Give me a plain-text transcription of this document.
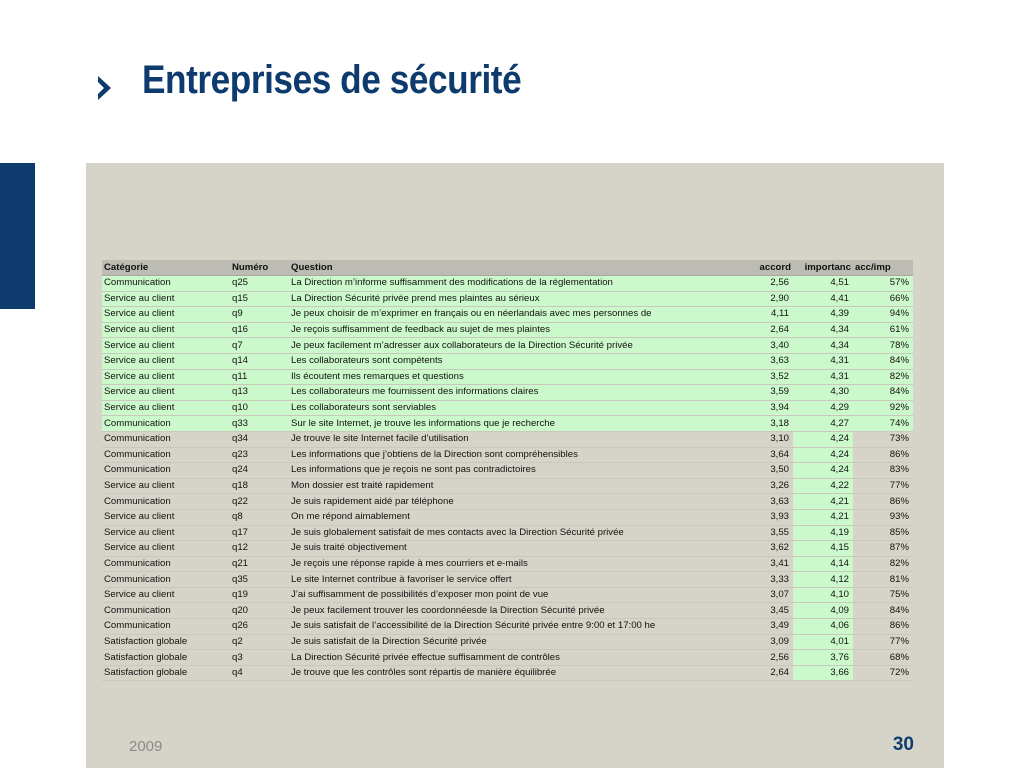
Entreprises de sécurité
Catégorie	Numéro	Question	accord	importanc	acc/imp
Communication	q25	La Direction m’informe suffisamment des modifications de la réglementation	2,56	4,51	57%
Service au client	q15	La Direction Sécurité privée prend mes plaintes au sérieux	2,90	4,41	66%
Service au client	q9	Je peux choisir de m’exprimer en français ou en néerlandais avec mes personnes de	4,11	4,39	94%
Service au client	q16	Je reçois suffisamment de feedback au sujet de mes plaintes	2,64	4,34	61%
Service au client	q7	Je peux facilement m’adresser aux collaborateurs de la Direction Sécurité privée	3,40	4,34	78%
Service au client	q14	Les collaborateurs sont compétents	3,63	4,31	84%
Service au client	q11	Ils écoutent mes remarques et questions	3,52	4,31	82%
Service au client	q13	Les collaborateurs me fournissent des informations claires	3,59	4,30	84%
Service au client	q10	Les collaborateurs sont serviables	3,94	4,29	92%
Communication	q33	Sur le site Internet, je trouve les informations que je recherche	3,18	4,27	74%
Communication	q34	Je trouve le site Internet facile d’utilisation	3,10	4,24	73%
Communication	q23	Les informations que j’obtiens de la Direction sont compréhensibles	3,64	4,24	86%
Communication	q24	Les informations que je reçois ne sont pas contradictoires	3,50	4,24	83%
Service au client	q18	Mon dossier est traité rapidement	3,26	4,22	77%
Communication	q22	Je suis rapidement aidé par téléphone	3,63	4,21	86%
Service au client	q8	On me répond aimablement	3,93	4,21	93%
Service au client	q17	Je suis globalement satisfait de mes contacts avec la Direction Sécurité privée	3,55	4,19	85%
Service au client	q12	Je suis traité objectivement	3,62	4,15	87%
Communication	q21	Je reçois une réponse rapide à mes courriers et e-mails	3,41	4,14	82%
Communication	q35	Le site Internet contribue à favoriser le service offert	3,33	4,12	81%
Service au client	q19	J’ai suffisamment de possibilités d’exposer mon point de vue	3,07	4,10	75%
Communication	q20	Je peux facilement trouver les coordonnéesde la Direction Sécurité privée	3,45	4,09	84%
Communication	q26	Je suis satisfait de l’accessibilité de la Direction Sécurité privée entre 9:00 et 17:00 he	3,49	4,06	86%
Satisfaction globale	q2	Je suis satisfait de la Direction Sécurité privée	3,09	4,01	77%
Satisfaction globale	q3	La Direction Sécurité privée effectue suffisamment de contrôles	2,56	3,76	68%
Satisfaction globale	q4	Je trouve que les contrôles sont répartis de manière équilibrée	2,64	3,66	72%
2009	30
